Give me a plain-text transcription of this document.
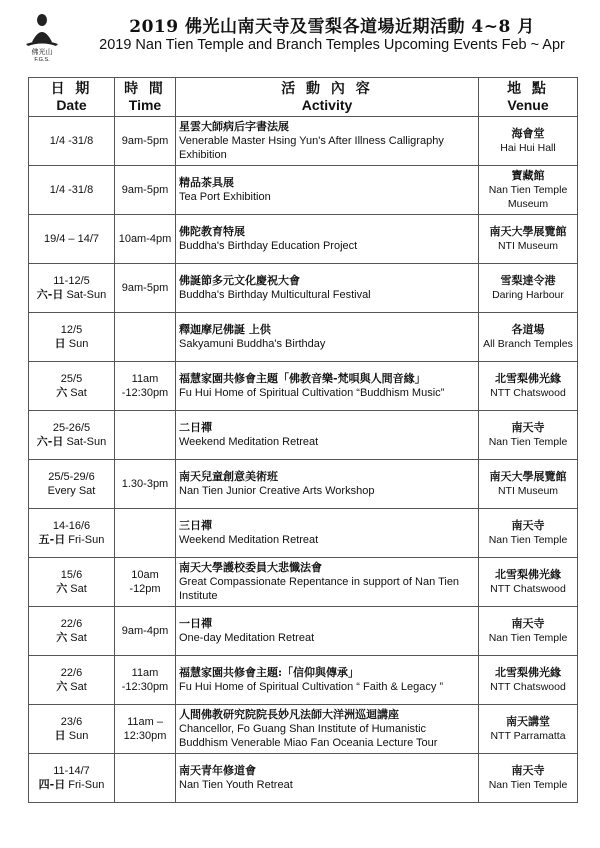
佛光山
F.G.S.
2019 佛光山南天寺及雪梨各道場近期活動 4~8 月
2019 Nan Tien Temple and Branch Temples Upcoming Events Feb ~ Apr
日 期
Date	時 間
Time	活 動 內 容
Activity	地 點
Venue

1/4 -31/8	9am-5pm	星雲大師病后字書法展
Venerable Master Hsing Yun's After Illness Calligraphy Exhibition	海會堂
Hai Hui Hall

1/4 -31/8	9am-5pm	精品茶具展
Tea Port Exhibition	寶藏館
Nan Tien Temple Museum

19/4 – 14/7	10am-4pm	佛陀教育特展
Buddha's Birthday Education Project	南天大學展覽館
NTI Museum

11-12/5
六-日 Sat-Sun	9am-5pm	佛誕節多元文化慶祝大會
Buddha's Birthday Multicultural Festival	雪梨達令港
Daring Harbour

12/5
日 Sun		釋迦摩尼佛誕 上供
Sakyamuni Buddha's Birthday	各道場
All Branch Temples

25/5
六 Sat	11am
-12:30pm	福慧家園共修會主題「佛教音樂-梵唄與人間音緣」
Fu Hui Home of Spiritual Cultivation “Buddhism Music”	北雪梨佛光緣
NTT Chatswood

25-26/5
六-日 Sat-Sun		二日禪
Weekend Meditation Retreat	南天寺
Nan Tien Temple

25/5-29/6
Every Sat	1.30-3pm	南天兒童創意美術班
Nan Tien Junior Creative Arts Workshop	南天大學展覽館
NTI Museum

14-16/6
五-日 Fri-Sun		三日禪
Weekend Meditation Retreat	南天寺
Nan Tien Temple

15/6
六 Sat	10am
-12pm	南天大學護校委員大悲懺法會
Great Compassionate Repentance in support of Nan Tien Institute	北雪梨佛光緣
NTT Chatswood

22/6
六 Sat	9am-4pm	一日禪
One-day Meditation Retreat	南天寺
Nan Tien Temple

22/6
六 Sat	11am
-12:30pm	福慧家園共修會主題:「信仰與傳承」
Fu Hui Home of Spiritual Cultivation “ Faith & Legacy ”	北雪梨佛光緣
NTT Chatswood

23/6
日 Sun	11am –
12:30pm	人間佛教研究院院長妙凡法師大洋洲巡迴講座
Chancellor, Fo Guang Shan Institute of Humanistic Buddhism Venerable Miao Fan Oceania Lecture Tour	南天講堂
NTT Parramatta

11-14/7
四-日 Fri-Sun		南天青年修道會
Nan Tien Youth Retreat	南天寺
Nan Tien Temple
